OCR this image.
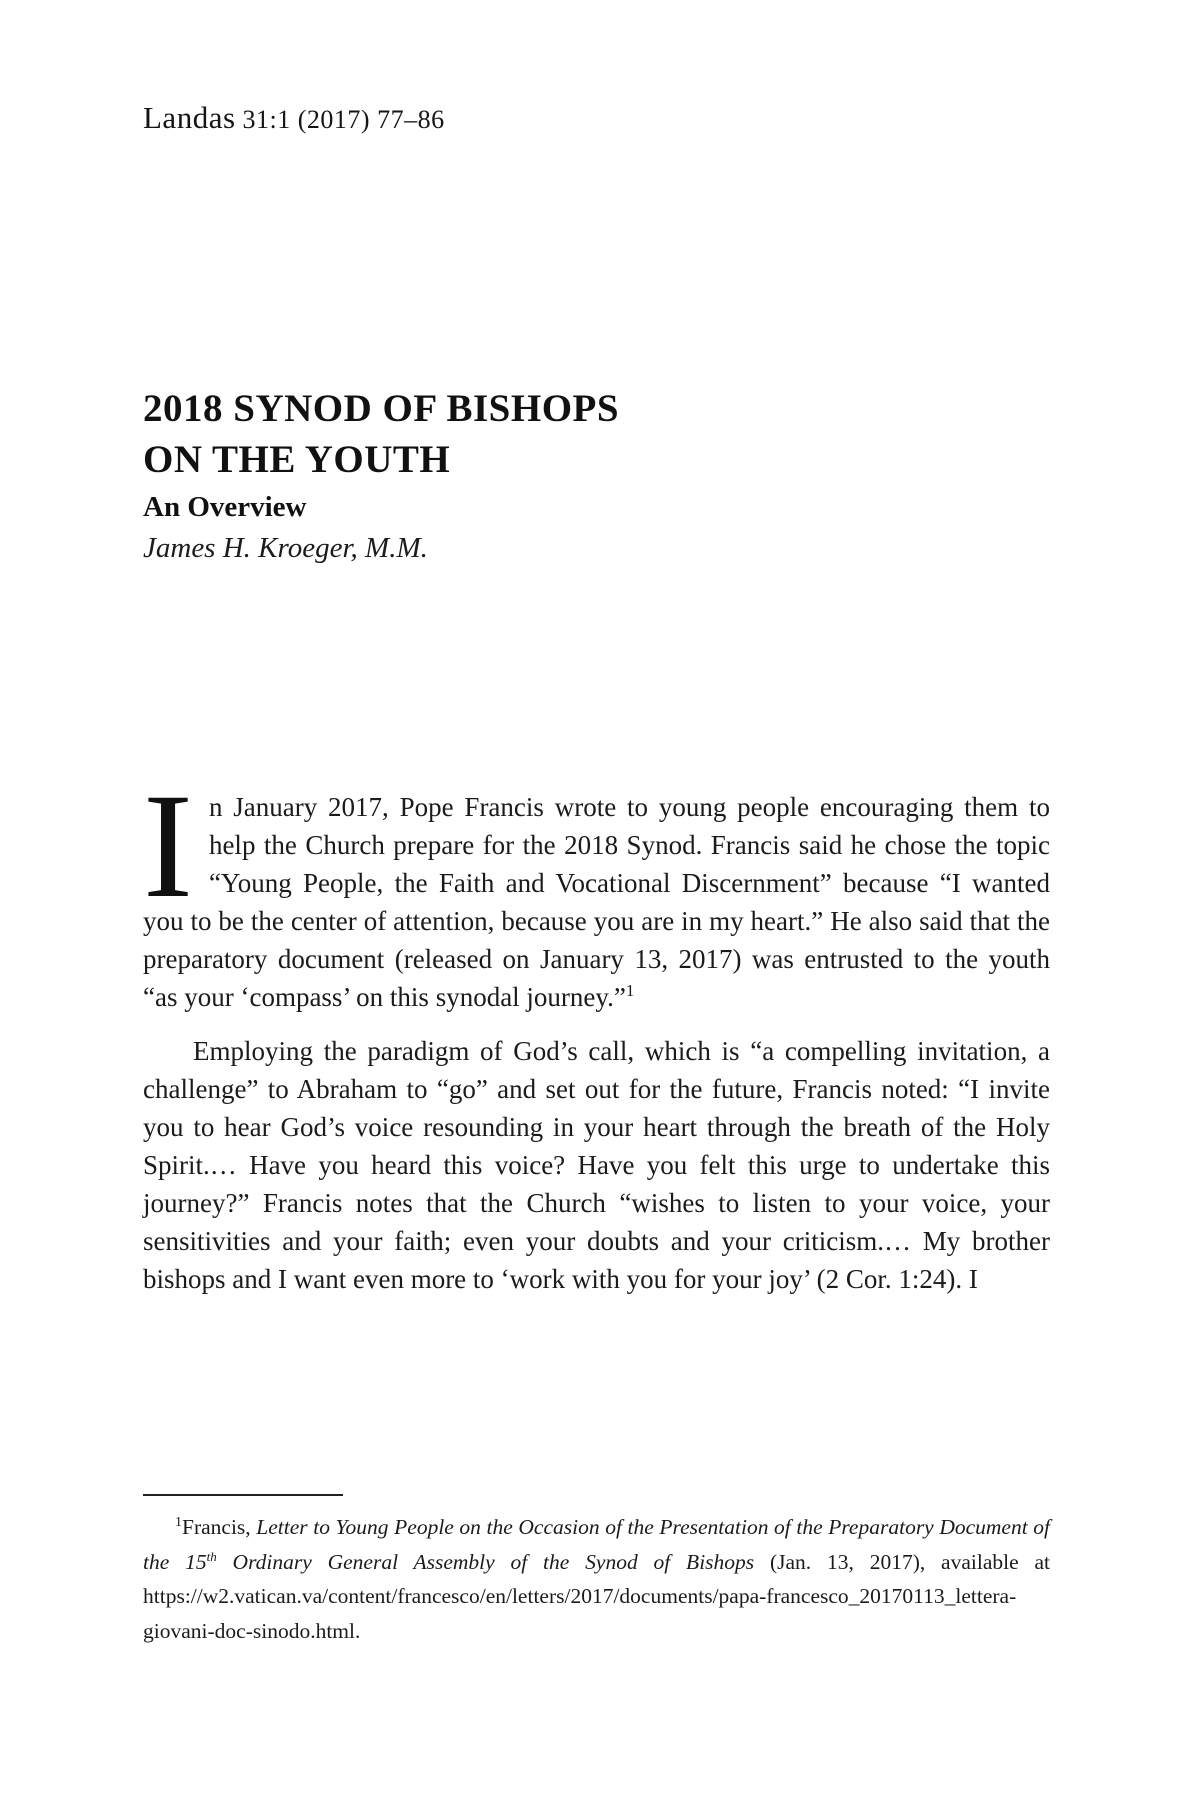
Landas 31:1 (2017) 77–86
2018 SYNOD OF BISHOPS
ON THE YOUTH
An Overview
James H. Kroeger, M.M.

In January 2017, Pope Francis wrote to young people encouraging them to help the Church prepare for the 2018 Synod. Francis said he chose the topic “Young People, the Faith and Vocational Discernment” because “I wanted you to be the center of attention, because you are in my heart.” He also said that the preparatory document (released on January 13, 2017) was entrusted to the youth “as your ‘compass’ on this synodal journey.”$^1$

Employing the paradigm of God’s call, which is “a compelling invitation, a challenge” to Abraham to “go” and set out for the future, Francis noted: “I invite you to hear God’s voice resounding in your heart through the breath of the Holy Spirit.… Have you heard this voice? Have you felt this urge to undertake this journey?” Francis notes that the Church “wishes to listen to your voice, your sensitivities and your faith; even your doubts and your criticism.… My brother bishops and I want even more to ‘work with you for your joy’ (2 Cor. 1:24). I

$^1$Francis, Letter to Young People on the Occasion of the Presentation of the Preparatory Document of the 15th Ordinary General Assembly of the Synod of Bishops (Jan. 13, 2017), available at https://w2.vatican.va/content/francesco/en/letters/2017/documents/papa-francesco_20170113_lettera-giovani-doc-sinodo.html.
